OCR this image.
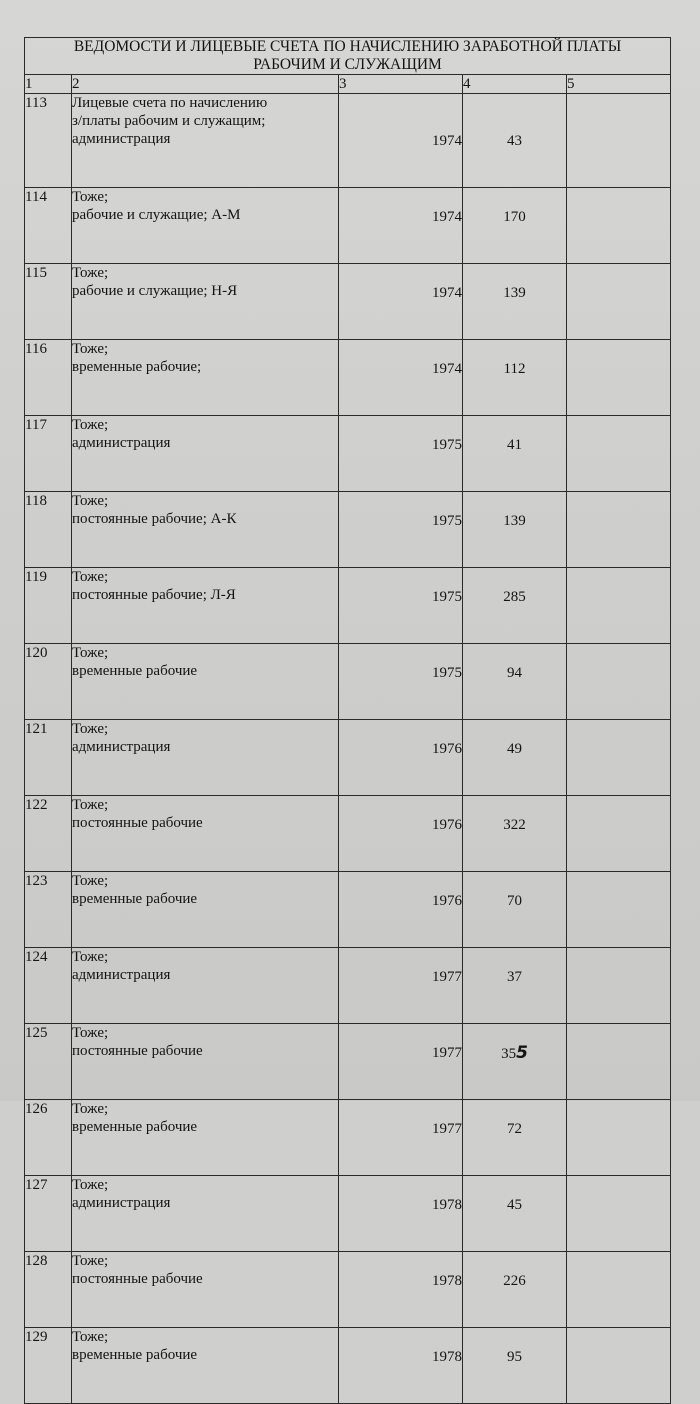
ВЕДОМОСТИ И ЛИЦЕВЫЕ СЧЕТА ПО НАЧИСЛЕНИЮ ЗАРАБОТНОЙ ПЛАТЫ
РАБОЧИМ И СЛУЖАЩИМ				

1	2	3	4	5
113	Лицевые счета по начислению
з/платы рабочим и служащим;
администрация	1974	43	
114	Тоже;
рабочие и служащие; А-М	1974	170	
115	Тоже;
рабочие и служащие; Н-Я	1974	139	
116	Тоже;
временные рабочие;	1974	112	
117	Тоже;
администрация	1975	41	
118	Тоже;
постоянные рабочие; А-К	1975	139	
119	Тоже;
постоянные рабочие; Л-Я	1975	285	
120	Тоже;
временные рабочие	1975	94	
121	Тоже;
администрация	1976	49	
122	Тоже;
постоянные рабочие	1976	322	
123	Тоже;
временные рабочие	1976	70	
124	Тоже;
администрация	1977	37	
125	Тоже;
постоянные рабочие	1977	355	
126	Тоже;
временные рабочие	1977	72	
127	Тоже;
администрация	1978	45	
128	Тоже;
постоянные рабочие	1978	226	
129	Тоже;
временные рабочие	1978	95	
